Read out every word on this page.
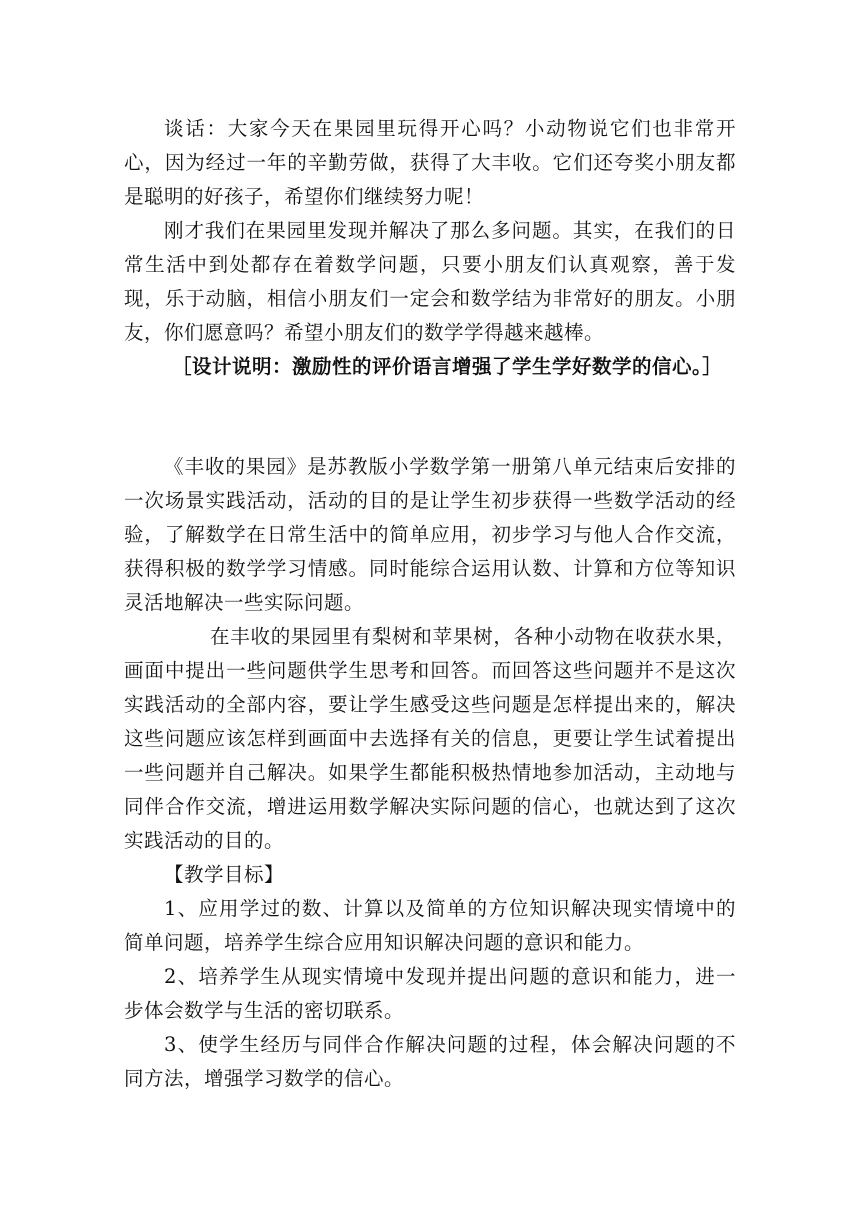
谈话：大家今天在果园里玩得开心吗？小动物说它们也非常开心，因为经过一年的辛勤劳做，获得了大丰收。它们还夸奖小朋友都是聪明的好孩子，希望你们继续努力呢！

刚才我们在果园里发现并解决了那么多问题。其实，在我们的日常生活中到处都存在着数学问题，只要小朋友们认真观察，善于发现，乐于动脑，相信小朋友们一定会和数学结为非常好的朋友。小朋友，你们愿意吗？希望小朋友们的数学学得越来越棒。

［设计说明：激励性的评价语言增强了学生学好数学的信心。］

《丰收的果园》是苏教版小学数学第一册第八单元结束后安排的一次场景实践活动，活动的目的是让学生初步获得一些数学活动的经验，了解数学在日常生活中的简单应用，初步学习与他人合作交流，获得积极的数学学习情感。同时能综合运用认数、计算和方位等知识灵活地解决一些实际问题。

在丰收的果园里有梨树和苹果树，各种小动物在收获水果，画面中提出一些问题供学生思考和回答。而回答这些问题并不是这次实践活动的全部内容，要让学生感受这些问题是怎样提出来的，解决这些问题应该怎样到画面中去选择有关的信息，更要让学生试着提出一些问题并自己解决。如果学生都能积极热情地参加活动，主动地与同伴合作交流，增进运用数学解决实际问题的信心，也就达到了这次实践活动的目的。

【教学目标】

1、应用学过的数、计算以及简单的方位知识解决现实情境中的简单问题，培养学生综合应用知识解决问题的意识和能力。

2、培养学生从现实情境中发现并提出问题的意识和能力，进一步体会数学与生活的密切联系。

3、使学生经历与同伴合作解决问题的过程，体会解决问题的不同方法，增强学习数学的信心。
